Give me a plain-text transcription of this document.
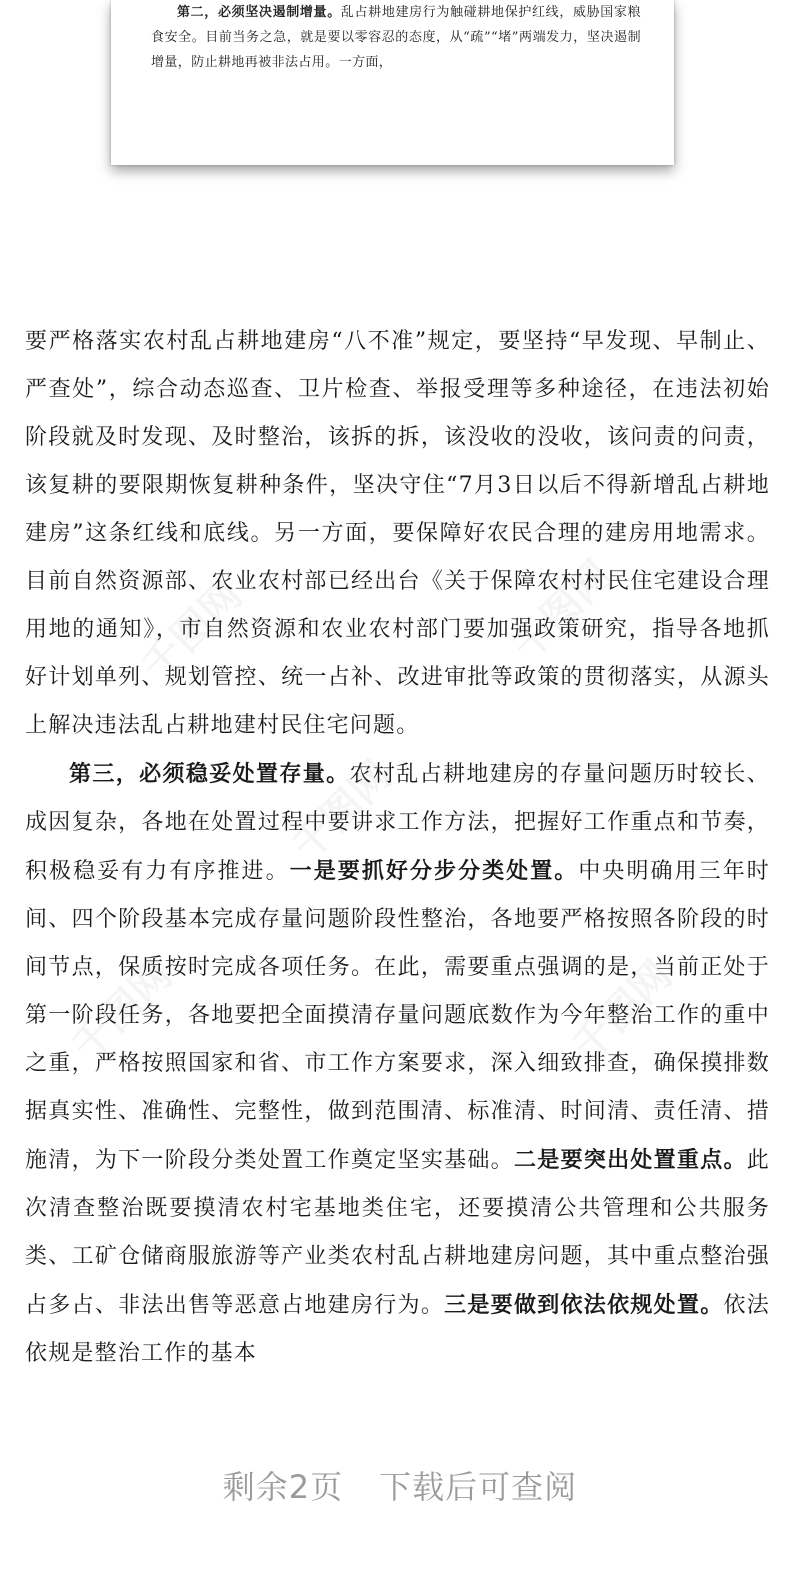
第二，必须坚决遏制增量。乱占耕地建房行为触碰耕地保护红线，威胁国家粮食安全。目前当务之急，就是要以零容忍的态度，从“疏”“堵”两端发力，坚决遏制增量，防止耕地再被非法占用。一方面，

要严格落实农村乱占耕地建房“八不准”规定，要坚持“早发现、早制止、严查处”，综合动态巡查、卫片检查、举报受理等多种途径，在违法初始阶段就及时发现、及时整治，该拆的拆，该没收的没收，该问责的问责，该复耕的要限期恢复耕种条件，坚决守住“7月3日以后不得新增乱占耕地建房”这条红线和底线。另一方面，要保障好农民合理的建房用地需求。目前自然资源部、农业农村部已经出台《关于保障农村村民住宅建设合理用地的通知》，市自然资源和农业农村部门要加强政策研究，指导各地抓好计划单列、规划管控、统一占补、改进审批等政策的贯彻落实，从源头上解决违法乱占耕地建村民住宅问题。

第三，必须稳妥处置存量。农村乱占耕地建房的存量问题历时较长、成因复杂，各地在处置过程中要讲求工作方法，把握好工作重点和节奏，积极稳妥有力有序推进。一是要抓好分步分类处置。中央明确用三年时间、四个阶段基本完成存量问题阶段性整治，各地要严格按照各阶段的时间节点，保质按时完成各项任务。在此，需要重点强调的是，当前正处于第一阶段任务，各地要把全面摸清存量问题底数作为今年整治工作的重中之重，严格按照国家和省、市工作方案要求，深入细致排查，确保摸排数据真实性、准确性、完整性，做到范围清、标准清、时间清、责任清、措施清，为下一阶段分类处置工作奠定坚实基础。二是要突出处置重点。此次清查整治既要摸清农村宅基地类住宅，还要摸清公共管理和公共服务类、工矿仓储商服旅游等产业类农村乱占耕地建房问题，其中重点整治强占多占、非法出售等恶意占地建房行为。三是要做到依法依规处置。依法依规是整治工作的基本

剩余2页 下载后可查阅
